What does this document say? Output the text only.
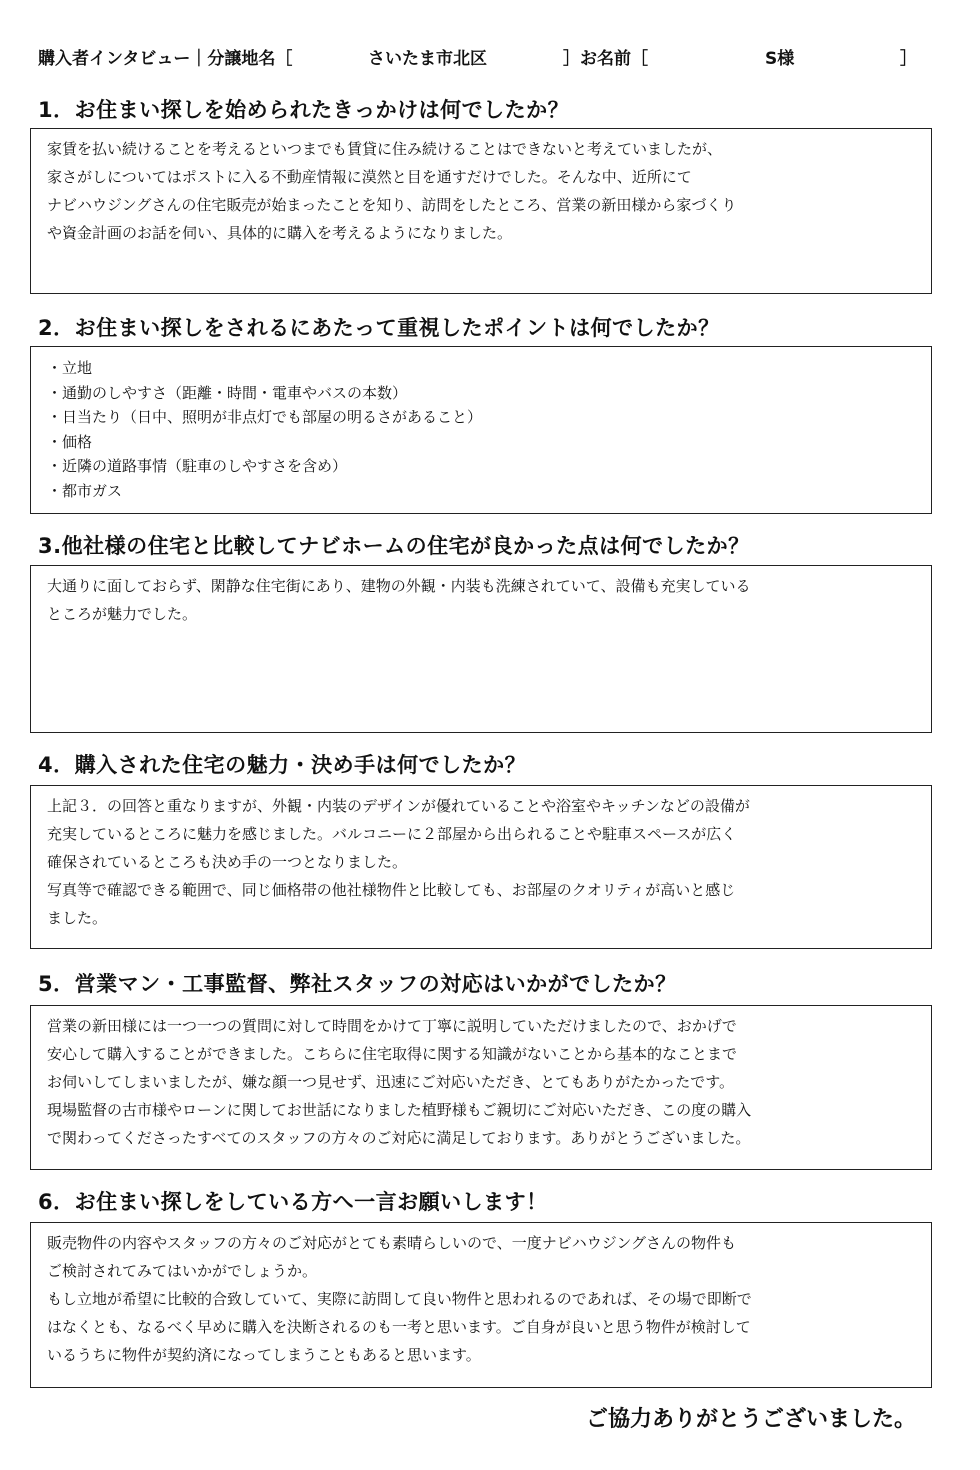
購入者インタビュー｜分譲地名［	さいたま市北区	］お名前［	S様	］
1．お住まい探しを始められたきっかけは何でしたか？
家賃を払い続けることを考えるといつまでも賃貸に住み続けることはできないと考えていましたが、
家さがしについてはポストに入る不動産情報に漠然と目を通すだけでした。そんな中、近所にて
ナビハウジングさんの住宅販売が始まったことを知り、訪問をしたところ、営業の新田様から家づくり
や資金計画のお話を伺い、具体的に購入を考えるようになりました。
2．お住まい探しをされるにあたって重視したポイントは何でしたか？
・立地
・通勤のしやすさ（距離・時間・電車やバスの本数）
・日当たり（日中、照明が非点灯でも部屋の明るさがあること）
・価格
・近隣の道路事情（駐車のしやすさを含め）
・都市ガス
3.他社様の住宅と比較してナビホームの住宅が良かった点は何でしたか？
大通りに面しておらず、閑静な住宅街にあり、建物の外観・内装も洗練されていて、設備も充実している
ところが魅力でした。
4．購入された住宅の魅力・決め手は何でしたか？
上記３．の回答と重なりますが、外観・内装のデザインが優れていることや浴室やキッチンなどの設備が
充実しているところに魅力を感じました。バルコニーに２部屋から出られることや駐車スペースが広く
確保されているところも決め手の一つとなりました。
写真等で確認できる範囲で、同じ価格帯の他社様物件と比較しても、お部屋のクオリティが高いと感じ
ました。
5．営業マン・工事監督、弊社スタッフの対応はいかがでしたか？
営業の新田様には一つ一つの質問に対して時間をかけて丁寧に説明していただけましたので、おかげで
安心して購入することができました。こちらに住宅取得に関する知識がないことから基本的なことまで
お伺いしてしまいましたが、嫌な顔一つ見せず、迅速にご対応いただき、とてもありがたかったです。
現場監督の古市様やローンに関してお世話になりました植野様もご親切にご対応いただき、この度の購入
で関わってくださったすべてのスタッフの方々のご対応に満足しております。ありがとうございました。
6．お住まい探しをしている方へ一言お願いします！
販売物件の内容やスタッフの方々のご対応がとても素晴らしいので、一度ナビハウジングさんの物件も
ご検討されてみてはいかがでしょうか。
もし立地が希望に比較的合致していて、実際に訪問して良い物件と思われるのであれば、その場で即断で
はなくとも、なるべく早めに購入を決断されるのも一考と思います。ご自身が良いと思う物件が検討して
いるうちに物件が契約済になってしまうこともあると思います。
ご協力ありがとうございました。
